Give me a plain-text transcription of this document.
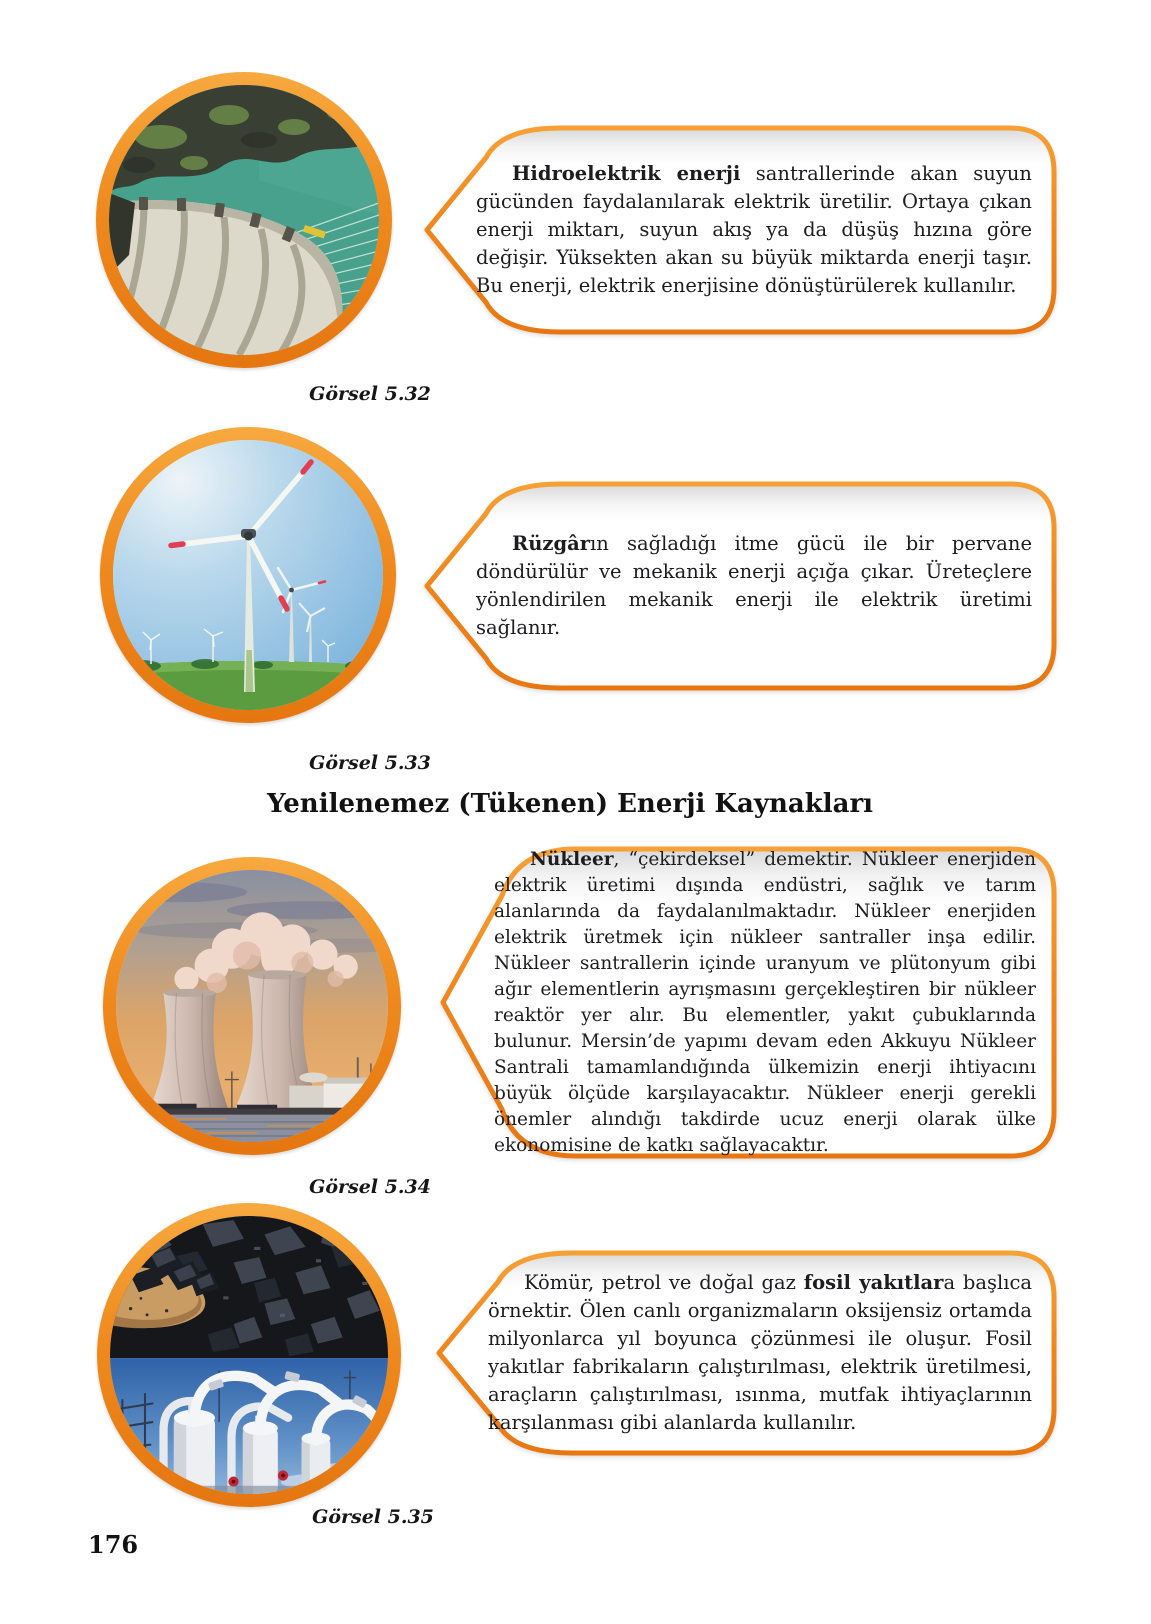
Görsel 5.32

Hidroelektrik enerji santrallerinde akan suyun gücünden faydalanılarak elektrik üretilir. Ortaya çıkan enerji miktarı, suyun akış ya da düşüş hızına göre değişir. Yüksekten akan su büyük miktarda enerji taşır. Bu enerji, elektrik enerjisine dönüştürülerek kullanılır.

Görsel 5.33

Rüzgârın sağladığı itme gücü ile bir pervane döndürülür ve mekanik enerji açığa çıkar. Üreteçlere yönlendirilen mekanik enerji ile elektrik üretimi sağlanır.

Yenilenemez (Tükenen) Enerji Kaynakları
Görsel 5.34

Nükleer, “çekirdeksel” demektir. Nükleer enerjiden elektrik üretimi dışında endüstri, sağlık ve tarım alanlarında da faydalanılmaktadır. Nükleer enerjiden elektrik üretmek için nükleer santraller inşa edilir. Nükleer santrallerin içinde uranyum ve plütonyum gibi ağır elementlerin ayrışmasını gerçekleştiren bir nükleer reaktör yer alır. Bu elementler, yakıt çubuklarında bulunur. Mersin’de yapımı devam eden Akkuyu Nükleer Santrali tamamlandığında ülkemizin enerji ihtiyacını büyük ölçüde karşılayacaktır. Nükleer enerji gerekli önemler alındığı takdirde ucuz enerji olarak ülke ekonomisine de katkı sağlayacaktır.

Görsel 5.35

Kömür, petrol ve doğal gaz fosil yakıtlara başlıca örnektir. Ölen canlı organizmaların oksijensiz ortamda milyonlarca yıl boyunca çözünmesi ile oluşur. Fosil yakıtlar fabrikaların çalıştırılması, elektrik üretilmesi, araçların çalıştırılması, ısınma, mutfak ihtiyaçlarının karşılanması gibi alanlarda kullanılır.

176
